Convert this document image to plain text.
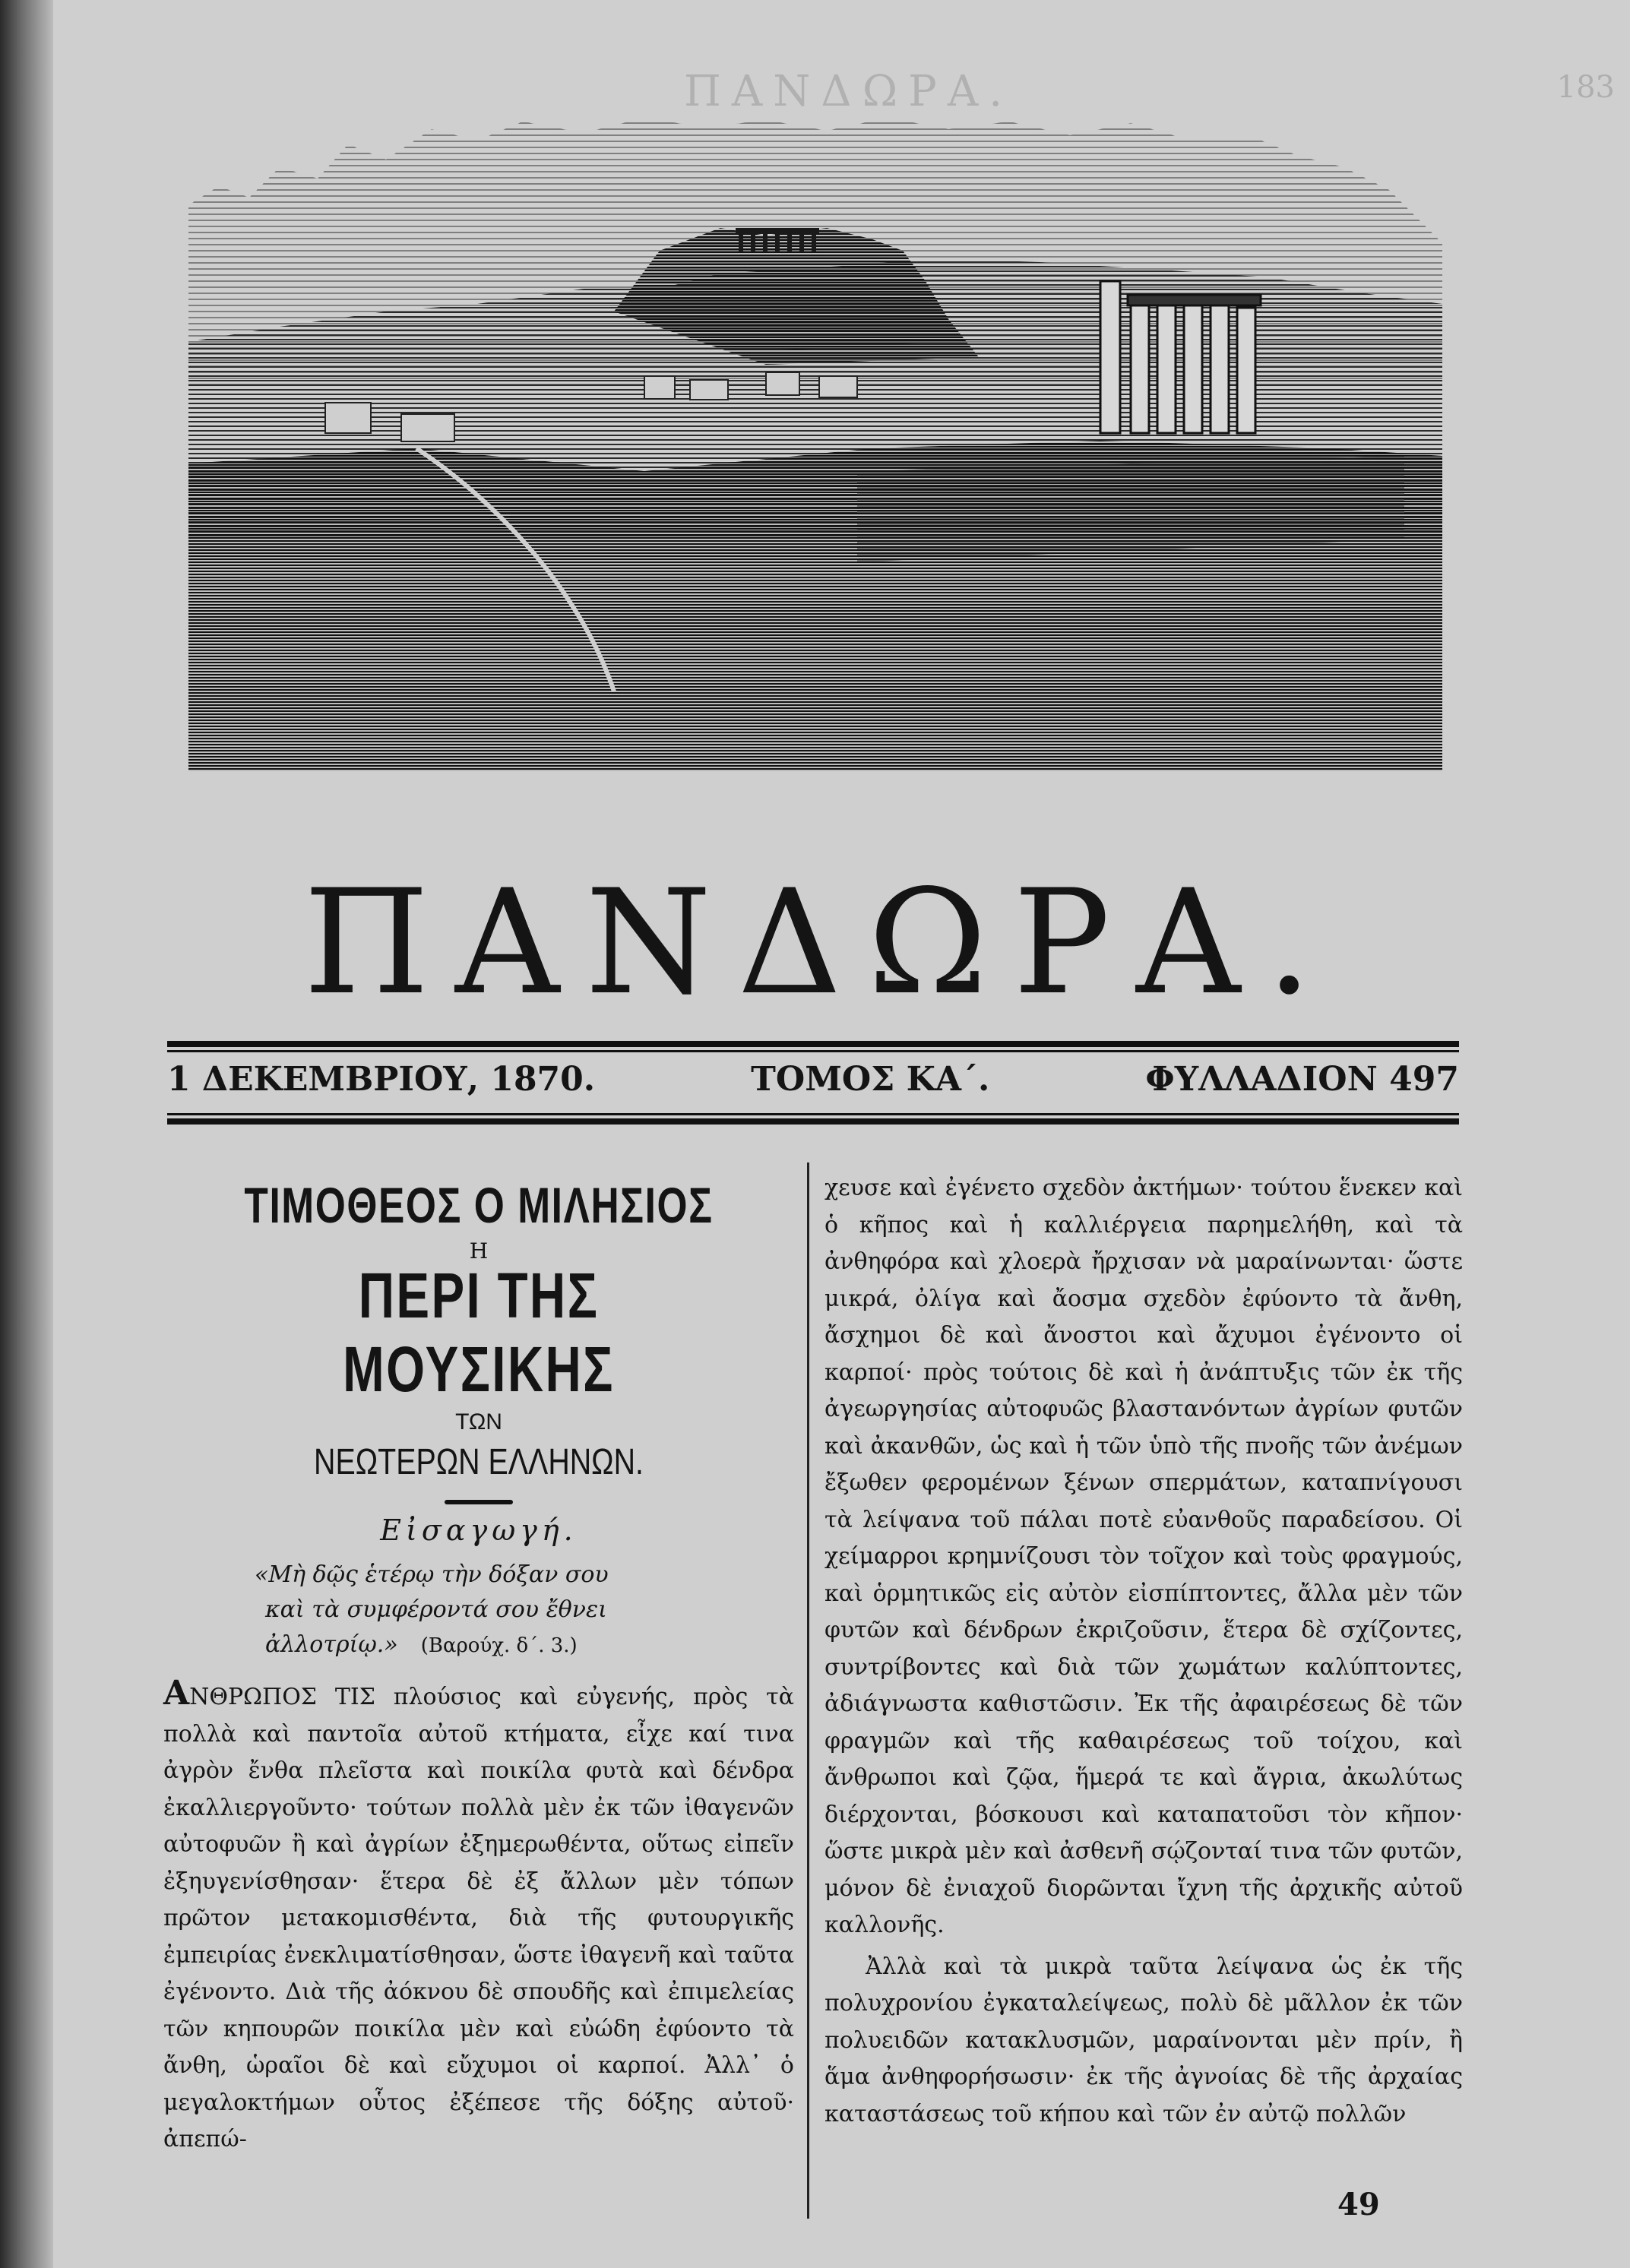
ΠΑΝΔΩΡΑ.	183
ΠΑΝΔΩΡΑ.
1 ΔΕΚΕΜΒΡΙΟΥ, 1870.	ΤΟΜΟΣ ΚΑ΄.	ΦΥΛΛΑΔΙΟΝ 497
ΤΙΜΟΘΕΟΣ Ο ΜΙΛΗΣΙΟΣ
Η
ΠΕΡΙ ΤΗΣ ΜΟΥΣΙΚΗΣ
ΤΩΝ
ΝΕΩΤΕΡΩΝ ΕΛΛΗΝΩΝ.
Εἰσαγωγή.
«Μὴ δῷς ἑτέρῳ τὴν δόξαν σου
καὶ τὰ συμφέροντά σου ἔθνει
ἀλλοτρίῳ.» (Βαρούχ. δ΄. 3.)

ΑΝΘΡΩΠΟΣ ΤΙΣ πλούσιος καὶ εὐγενής, πρὸς τὰ πολλὰ καὶ παντοῖα αὐτοῦ κτήματα, εἶχε καί τινα ἀγρὸν ἔνθα πλεῖστα καὶ ποικίλα φυτὰ καὶ δένδρα ἐκαλλιεργοῦντο· τούτων πολλὰ μὲν ἐκ τῶν ἰθαγενῶν αὐτοφυῶν ἢ καὶ ἀγρίων ἐξημερωθέντα, οὕτως εἰπεῖν ἐξηυγενίσθησαν· ἕτερα δὲ ἐξ ἄλλων μὲν τόπων πρῶτον μετακομισθέντα, διὰ τῆς φυτουργικῆς ἐμπειρίας ἐνεκλιματίσθησαν, ὥστε ἰθαγενῆ καὶ ταῦτα ἐγένοντο. Διὰ τῆς ἀόκνου δὲ σπουδῆς καὶ ἐπιμελείας τῶν κηπουρῶν ποικίλα μὲν καὶ εὐώδη ἐφύοντο τὰ ἄνθη, ὡραῖοι δὲ καὶ εὔχυμοι οἱ καρποί. Ἀλλ᾿ ὁ μεγαλοκτήμων οὗτος ἐξέπεσε τῆς δόξης αὐτοῦ· ἀπεπώ-

χευσε καὶ ἐγένετο σχεδὸν ἀκτήμων· τούτου ἕνεκεν καὶ ὁ κῆπος καὶ ἡ καλλιέργεια παρημελήθη, καὶ τὰ ἀνθηφόρα καὶ χλοερὰ ἤρχισαν νὰ μαραίνωνται· ὥστε μικρά, ὀλίγα καὶ ἄοσμα σχεδὸν ἐφύοντο τὰ ἄνθη, ἄσχημοι δὲ καὶ ἄνοστοι καὶ ἄχυμοι ἐγένοντο οἱ καρποί· πρὸς τούτοις δὲ καὶ ἡ ἀνάπτυξις τῶν ἐκ τῆς ἀγεωργησίας αὐτοφυῶς βλαστανόντων ἀγρίων φυτῶν καὶ ἀκανθῶν, ὡς καὶ ἡ τῶν ὑπὸ τῆς πνοῆς τῶν ἀνέμων ἔξωθεν φερομένων ξένων σπερμάτων, καταπνίγουσι τὰ λείψανα τοῦ πάλαι ποτὲ εὐανθοῦς παραδείσου. Οἱ χείμαρροι κρημνίζουσι τὸν τοῖχον καὶ τοὺς φραγμούς, καὶ ὁρμητικῶς εἰς αὐτὸν εἰσπίπτοντες, ἄλλα μὲν τῶν φυτῶν καὶ δένδρων ἐκριζοῦσιν, ἕτερα δὲ σχίζοντες, συντρίβοντες καὶ διὰ τῶν χωμάτων καλύπτοντες, ἀδιάγνωστα καθιστῶσιν. Ἐκ τῆς ἀφαιρέσεως δὲ τῶν φραγμῶν καὶ τῆς καθαιρέσεως τοῦ τοίχου, καὶ ἄνθρωποι καὶ ζῷα, ἥμερά τε καὶ ἄγρια, ἀκωλύτως διέρχονται, βόσκουσι καὶ καταπατοῦσι τὸν κῆπον· ὥστε μικρὰ μὲν καὶ ἀσθενῆ σῴζονταί τινα τῶν φυτῶν, μόνον δὲ ἐνιαχοῦ διορῶνται ἴχνη τῆς ἀρχικῆς αὐτοῦ καλλονῆς.

Ἀλλὰ καὶ τὰ μικρὰ ταῦτα λείψανα ὡς ἐκ τῆς πολυχρονίου ἐγκαταλείψεως, πολὺ δὲ μᾶλλον ἐκ τῶν πολυειδῶν κατακλυσμῶν, μαραίνονται μὲν πρίν, ἢ ἅμα ἀνθηφορήσωσιν· ἐκ τῆς ἀγνοίας δὲ τῆς ἀρχαίας καταστάσεως τοῦ κήπου καὶ τῶν ἐν αὐτῷ πολλῶν

49
